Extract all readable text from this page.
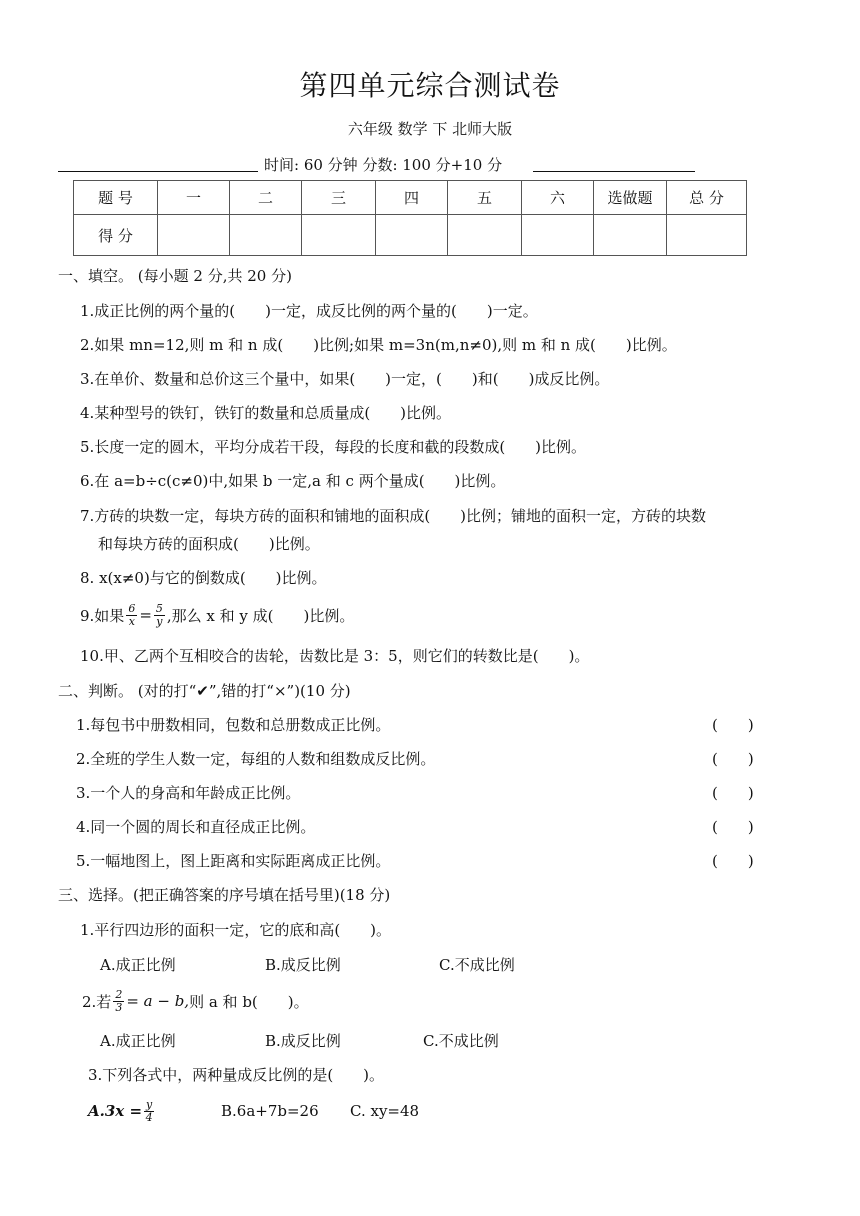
第四单元综合测试卷
六年级 数学 下 北师大版
时间: 60 分钟 分数: 100 分+10 分
题 号	一	二	三	四	五	六	选做题	总 分
得 分								
一、填空。 (每小题 2 分,共 20 分)
1.成正比例的两个量的(　　)一定，成反比例的两个量的(　　)一定。
2.如果 mn=12,则 m 和 n 成(　　)比例;如果 m=3n(m,n≠0),则 m 和 n 成(　　)比例。
3.在单价、数量和总价这三个量中，如果(　　)一定，(　　)和(　　)成反比例。
4.某种型号的铁钉，铁钉的数量和总质量成(　　)比例。
5.长度一定的圆木，平均分成若干段，每段的长度和截的段数成(　　)比例。
6.在 a=b÷c(c≠0)中,如果 b 一定,a 和 c 两个量成(　　)比例。
7.方砖的块数一定，每块方砖的面积和铺地的面积成(　　)比例；铺地的面积一定，方砖的块数
和每块方砖的面积成(　　)比例。
8. x(x≠0)与它的倒数成(　　)比例。
9.如果 $\frac{6}{x} = \frac{5}{y}$ ,那么 x 和 y 成(　　)比例。
10.甲、乙两个互相咬合的齿轮，齿数比是 3：5，则它们的转数比是(　　)。
二、判断。 (对的打“✔”,错的打“×”)(10 分)
1.每包书中册数相同，包数和总册数成正比例。	(　　)
2.全班的学生人数一定，每组的人数和组数成反比例。	(　　)
3.一个人的身高和年龄成正比例。	(　　)
4.同一个圆的周长和直径成正比例。	(　　)
5.一幅地图上，图上距离和实际距离成正比例。	(　　)
三、选择。(把正确答案的序号填在括号里)(18 分)
1.平行四边形的面积一定，它的底和高(　　)。
A.成正比例	B.成反比例	C.不成比例
2.若 $\frac{2}{3} = a - b$, 则 a 和 b(　　)。
A.成正比例	B.成反比例	C.不成比例
3.下列各式中，两种量成反比例的是(　　)。
$A.3x = \frac{y}{4}$	B.6a+7b=26 C. xy=48
